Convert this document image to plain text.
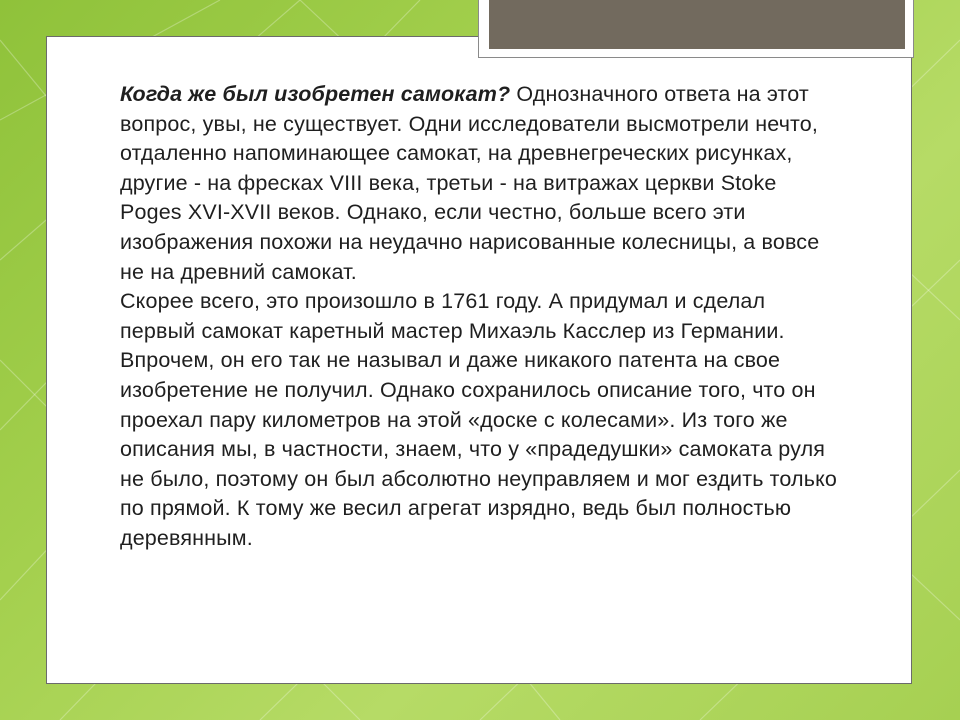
Когда же был изобретен самокат? Однозначного ответа на этот вопрос, увы, не существует. Одни исследователи высмотрели нечто, отдаленно напоминающее самокат, на древнегреческих рисунках, другие - на фресках VIII века, третьи - на витражах церкви Stoke Poges XVI-XVII веков. Однако, если честно, больше всего эти изображения похожи на неудачно нарисованные колесницы, а вовсе не на древний самокат.

Скорее всего, это произошло в 1761 году. А придумал и сделал первый самокат каретный мастер Михаэль Касслер из Германии. Впрочем, он его так не называл и даже никакого патента на свое изобретение не получил. Однако сохранилось описание того, что он проехал пару километров на этой «доске с колесами». Из того же описания мы, в частности, знаем, что у «прадедушки» самоката руля не было, поэтому он был абсолютно неуправляем и мог ездить только по прямой. К тому же весил агрегат изрядно, ведь был полностью деревянным.
